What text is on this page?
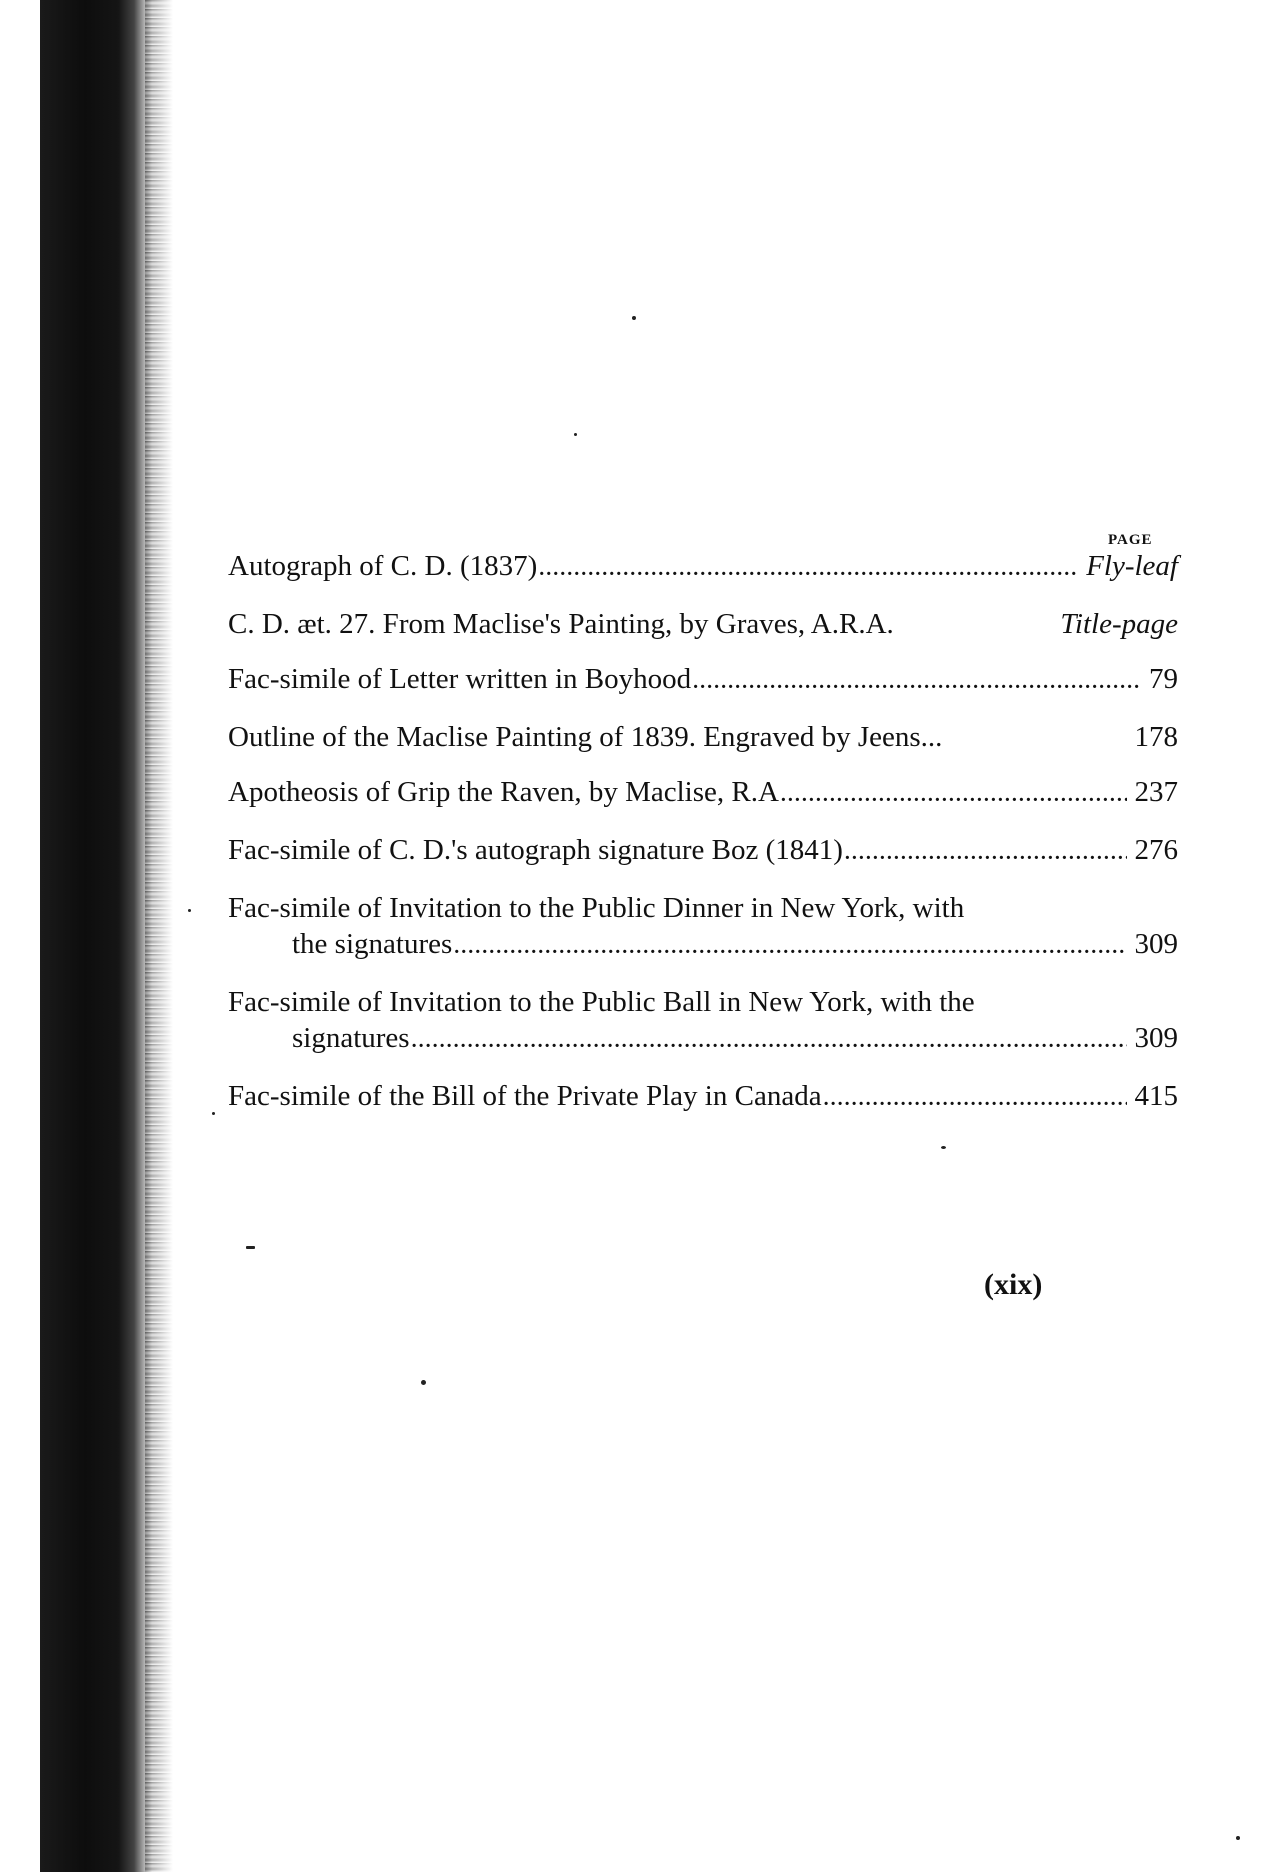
PAGE
Autograph of C. D. (1837) .....	Fly-leaf
C. D. æt. 27. From Maclise's Painting, by Graves, A.R.A.	Title-page
Fac-simile of Letter written in Boyhood .....	79
Outline of the Maclise Painting of 1839. Engraved by Jeens...	178
Apotheosis of Grip the Raven, by Maclise, R.A .....	237
Fac-simile of C. D.'s autograph signature Boz (1841) .....	276
Fac-simile of Invitation to the Public Dinner in New York, with
the signatures .....	309
Fac-simile of Invitation to the Public Ball in New York, with the
signatures .....	309
Fac-simile of the Bill of the Private Play in Canada .....	415
(xix)
